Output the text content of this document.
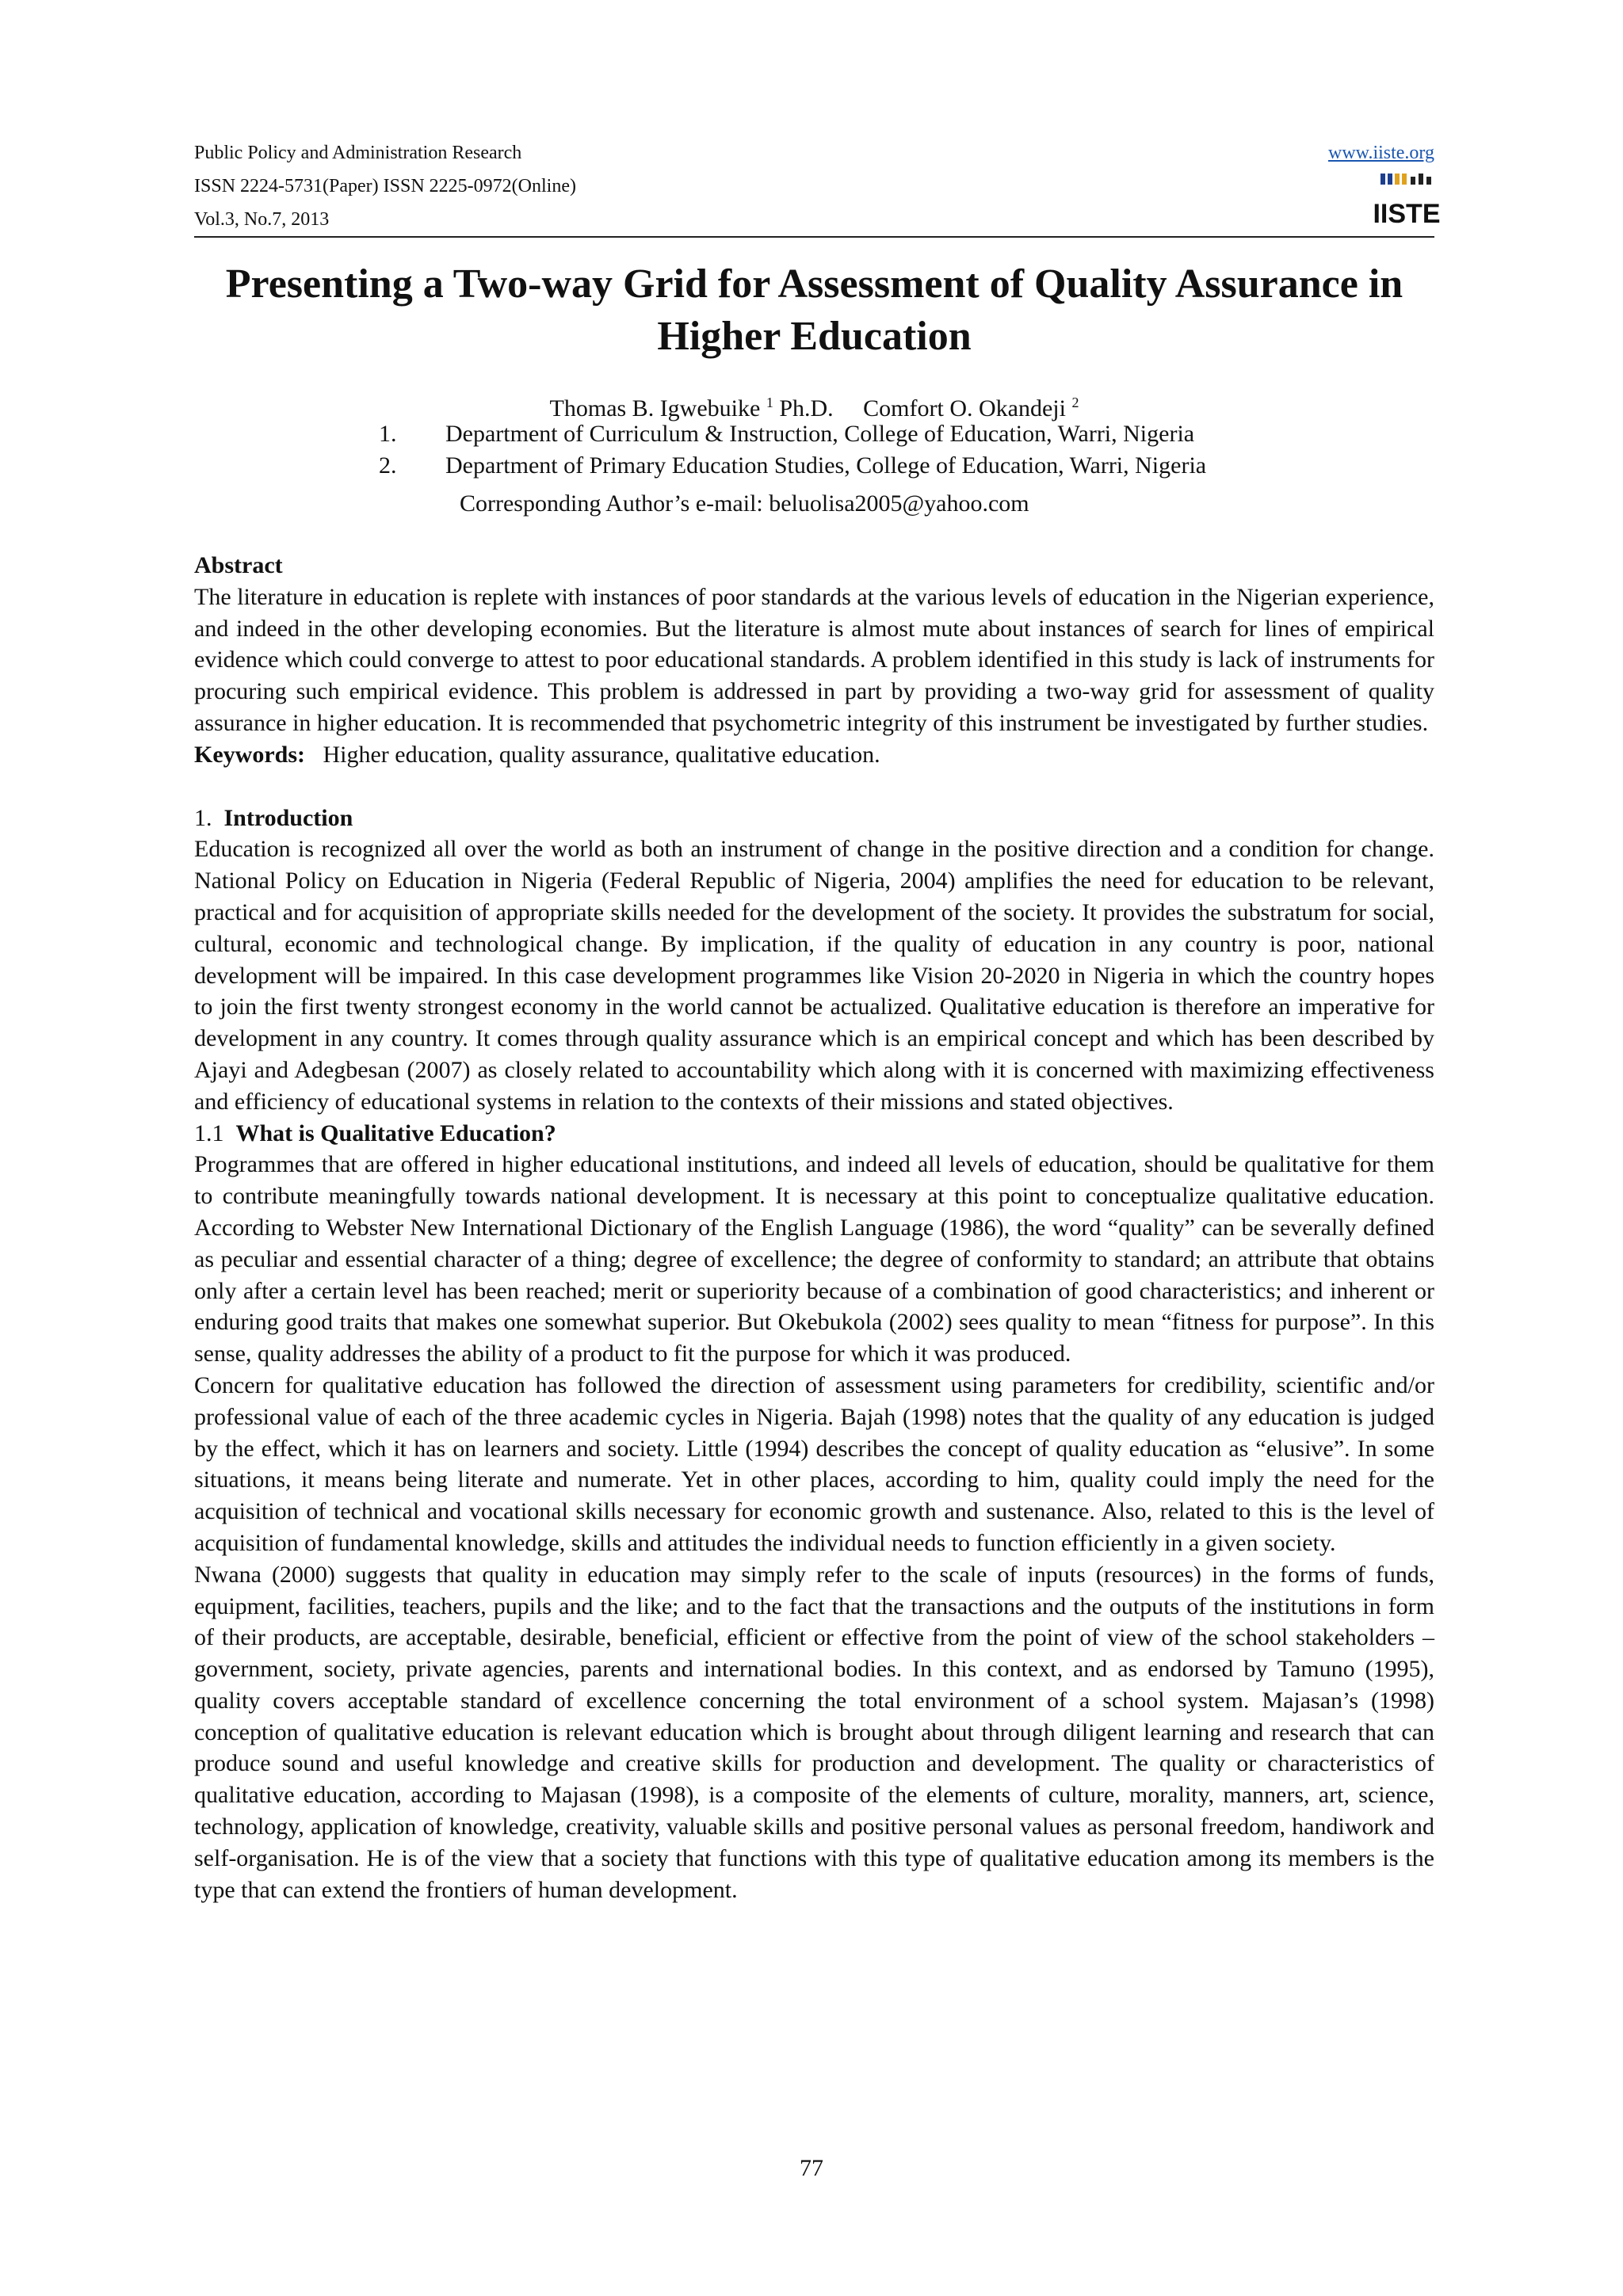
Public Policy and Administration Research
ISSN 2224-5731(Paper) ISSN 2225-0972(Online)
Vol.3, No.7, 2013
www.iiste.org
IISTE
Presenting a Two-way Grid for Assessment of Quality Assurance in Higher Education
Thomas B. Igwebuike $^1$ Ph.D. Comfort O. Okandeji $^2$
1. Department of Curriculum & Instruction, College of Education, Warri, Nigeria
2. Department of Primary Education Studies, College of Education, Warri, Nigeria
Corresponding Author’s e-mail: beluolisa2005@yahoo.com

Abstract

The literature in education is replete with instances of poor standards at the various levels of education in the Nigerian experience, and indeed in the other developing economies. But the literature is almost mute about instances of search for lines of empirical evidence which could converge to attest to poor educational standards. A problem identified in this study is lack of instruments for procuring such empirical evidence. This problem is addressed in part by providing a two-way grid for assessment of quality assurance in higher education. It is recommended that psychometric integrity of this instrument be investigated by further studies.

Keywords: Higher education, quality assurance, qualitative education.

1. Introduction

Education is recognized all over the world as both an instrument of change in the positive direction and a condition for change. National Policy on Education in Nigeria (Federal Republic of Nigeria, 2004) amplifies the need for education to be relevant, practical and for acquisition of appropriate skills needed for the development of the society. It provides the substratum for social, cultural, economic and technological change. By implication, if the quality of education in any country is poor, national development will be impaired. In this case development programmes like Vision 20-2020 in Nigeria in which the country hopes to join the first twenty strongest economy in the world cannot be actualized. Qualitative education is therefore an imperative for development in any country. It comes through quality assurance which is an empirical concept and which has been described by Ajayi and Adegbesan (2007) as closely related to accountability which along with it is concerned with maximizing effectiveness and efficiency of educational systems in relation to the contexts of their missions and stated objectives.

1.1 What is Qualitative Education?

Programmes that are offered in higher educational institutions, and indeed all levels of education, should be qualitative for them to contribute meaningfully towards national development. It is necessary at this point to conceptualize qualitative education. According to Webster New International Dictionary of the English Language (1986), the word “quality” can be severally defined as peculiar and essential character of a thing; degree of excellence; the degree of conformity to standard; an attribute that obtains only after a certain level has been reached; merit or superiority because of a combination of good characteristics; and inherent or enduring good traits that makes one somewhat superior. But Okebukola (2002) sees quality to mean “fitness for purpose”. In this sense, quality addresses the ability of a product to fit the purpose for which it was produced.

Concern for qualitative education has followed the direction of assessment using parameters for credibility, scientific and/or professional value of each of the three academic cycles in Nigeria. Bajah (1998) notes that the quality of any education is judged by the effect, which it has on learners and society. Little (1994) describes the concept of quality education as “elusive”. In some situations, it means being literate and numerate. Yet in other places, according to him, quality could imply the need for the acquisition of technical and vocational skills necessary for economic growth and sustenance. Also, related to this is the level of acquisition of fundamental knowledge, skills and attitudes the individual needs to function efficiently in a given society.

Nwana (2000) suggests that quality in education may simply refer to the scale of inputs (resources) in the forms of funds, equipment, facilities, teachers, pupils and the like; and to the fact that the transactions and the outputs of the institutions in form of their products, are acceptable, desirable, beneficial, efficient or effective from the point of view of the school stakeholders – government, society, private agencies, parents and international bodies. In this context, and as endorsed by Tamuno (1995), quality covers acceptable standard of excellence concerning the total environment of a school system. Majasan’s (1998) conception of qualitative education is relevant education which is brought about through diligent learning and research that can produce sound and useful knowledge and creative skills for production and development. The quality or characteristics of qualitative education, according to Majasan (1998), is a composite of the elements of culture, morality, manners, art, science, technology, application of knowledge, creativity, valuable skills and positive personal values as personal freedom, handiwork and self-organisation. He is of the view that a society that functions with this type of qualitative education among its members is the type that can extend the frontiers of human development.

77
